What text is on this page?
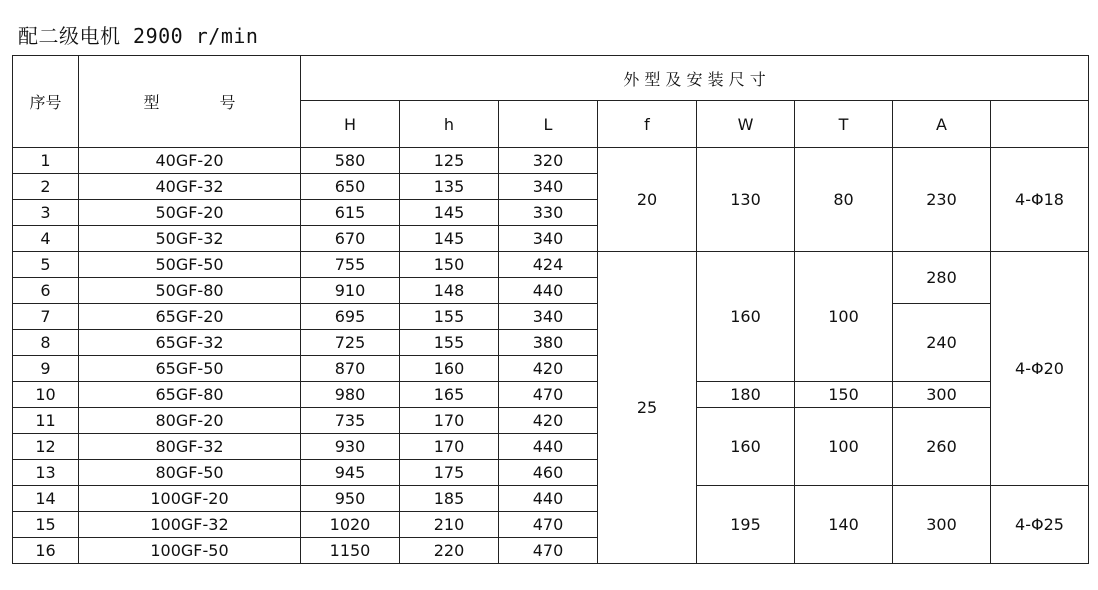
配二级电机 2900 r/min
序号	型 号	外 型 及 安 装 尺 寸							
		H	h	L	f	W	T	A	
1	40GF-20	580	125	320	20	130	80	230	4-Φ18
2	40GF-32	650	135	340					
3	50GF-20	615	145	330					
4	50GF-32	670	145	340					
5	50GF-50	755	150	424	25	160	100	280	4-Φ20
6	50GF-80	910	148	440					
7	65GF-20	695	155	340				240	
8	65GF-32	725	155	380					
9	65GF-50	870	160	420					
10	65GF-80	980	165	470		180	150	300	
11	80GF-20	735	170	420		160	100	260	
12	80GF-32	930	170	440					
13	80GF-50	945	175	460					
14	100GF-20	950	185	440		195	140	300	4-Φ25
15	100GF-32	1020	210	470					
16	100GF-50	1150	220	470					
